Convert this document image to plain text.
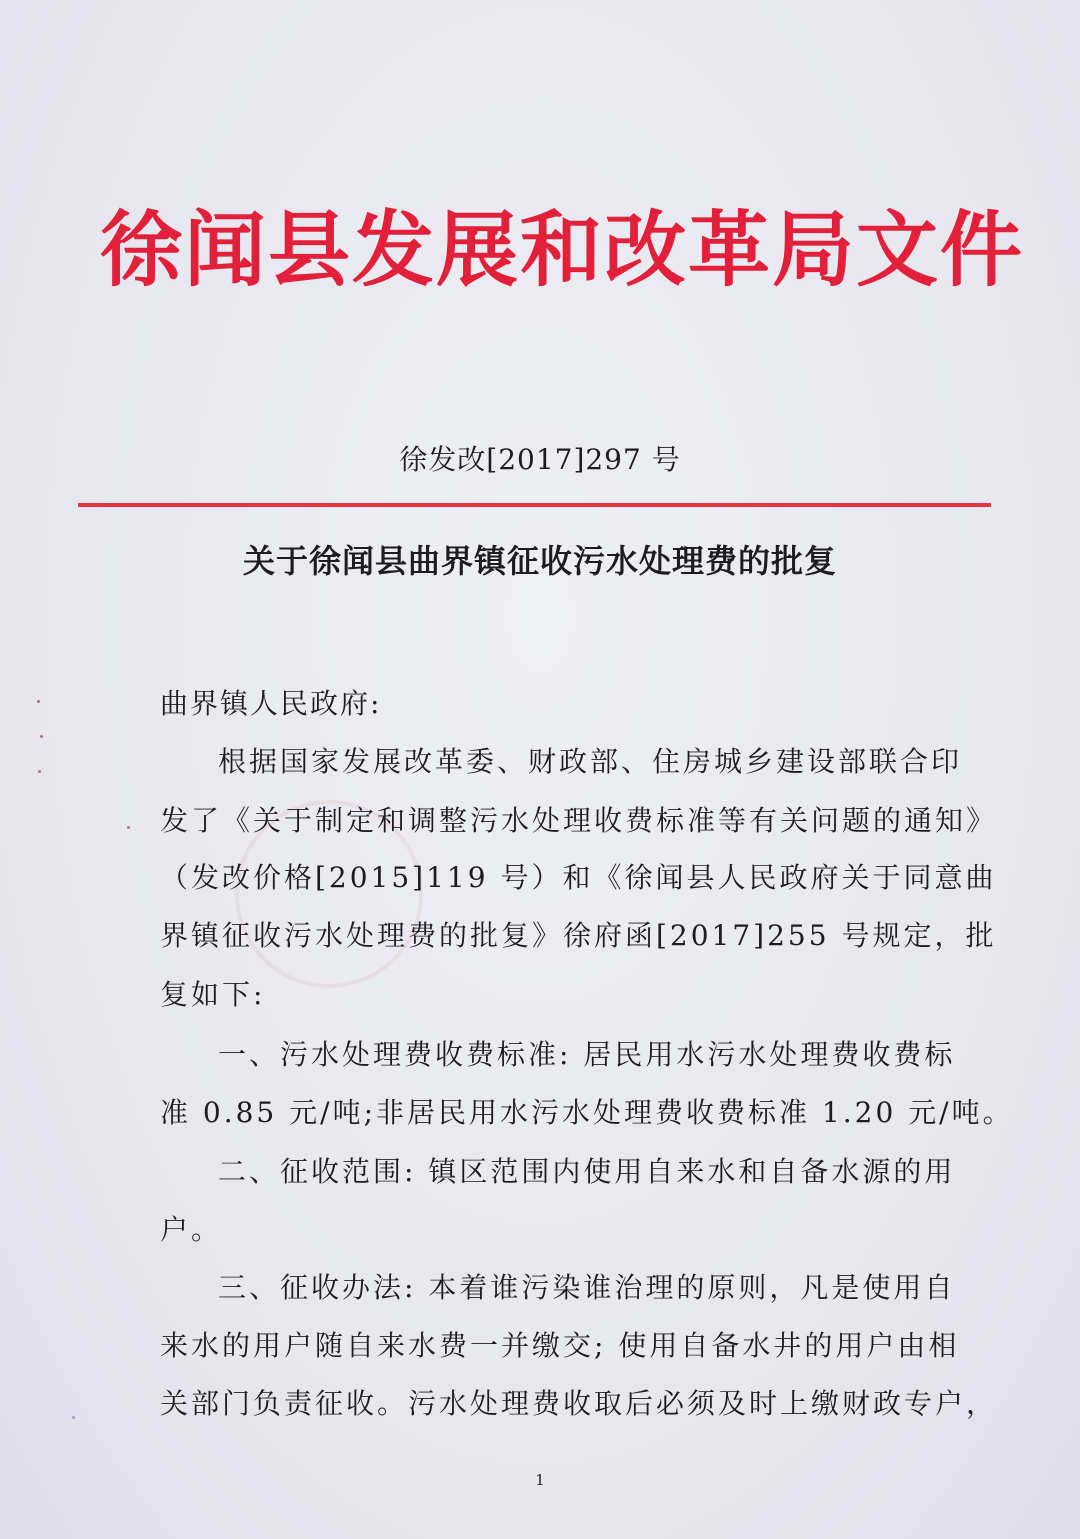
徐闻县发展和改革局文件
徐发改[2017]297 号
关于徐闻县曲界镇征收污水处理费的批复
曲界镇人民政府:
根据国家发展改革委、财政部、住房城乡建设部联合印
发了《关于制定和调整污水处理收费标准等有关问题的通知》
（发改价格[2015]119 号）和《徐闻县人民政府关于同意曲
界镇征收污水处理费的批复》徐府函[2017]255 号规定，批
复如下:
一、污水处理费收费标准: 居民用水污水处理费收费标
准 0.85 元/吨;非居民用水污水处理费收费标准 1.20 元/吨。
二、征收范围: 镇区范围内使用自来水和自备水源的用
户。
三、征收办法: 本着谁污染谁治理的原则，凡是使用自
来水的用户随自来水费一并缴交; 使用自备水井的用户由相
关部门负责征收。污水处理费收取后必须及时上缴财政专户，
1
